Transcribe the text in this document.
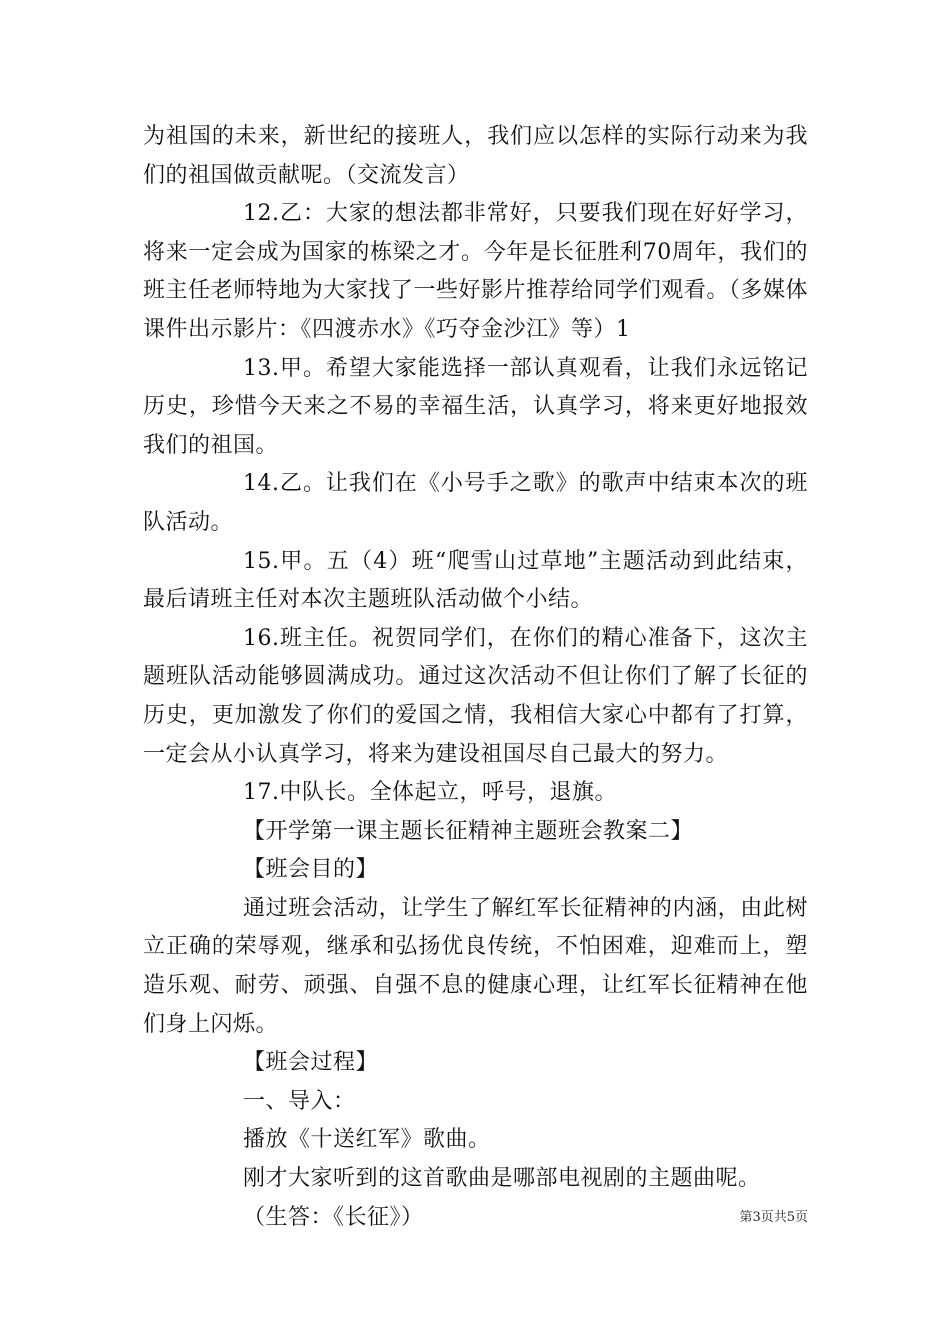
为祖国的未来，新世纪的接班人，我们应以怎样的实际行动来为我们的祖国做贡献呢。（交流发言）

12.乙：大家的想法都非常好，只要我们现在好好学习，将来一定会成为国家的栋梁之才。今年是长征胜利70周年，我们的班主任老师特地为大家找了一些好影片推荐给同学们观看。（多媒体课件出示影片：《四渡赤水》《巧夺金沙江》等）1

13.甲。希望大家能选择一部认真观看，让我们永远铭记历史，珍惜今天来之不易的幸福生活，认真学习，将来更好地报效我们的祖国。

14.乙。让我们在《小号手之歌》的歌声中结束本次的班队活动。

15.甲。五（4）班“爬雪山过草地”主题活动到此结束，最后请班主任对本次主题班队活动做个小结。

16.班主任。祝贺同学们，在你们的精心准备下，这次主题班队活动能够圆满成功。通过这次活动不但让你们了解了长征的历史，更加激发了你们的爱国之情，我相信大家心中都有了打算，一定会从小认真学习，将来为建设祖国尽自己最大的努力。

17.中队长。全体起立，呼号，退旗。

【开学第一课主题长征精神主题班会教案二】

【班会目的】

通过班会活动，让学生了解红军长征精神的内涵，由此树立正确的荣辱观，继承和弘扬优良传统，不怕困难，迎难而上，塑造乐观、耐劳、顽强、自强不息的健康心理，让红军长征精神在他们身上闪烁。

【班会过程】

一、导入：

播放《十送红军》歌曲。

刚才大家听到的这首歌曲是哪部电视剧的主题曲呢。

（生答：《长征》）	第3页共5页
